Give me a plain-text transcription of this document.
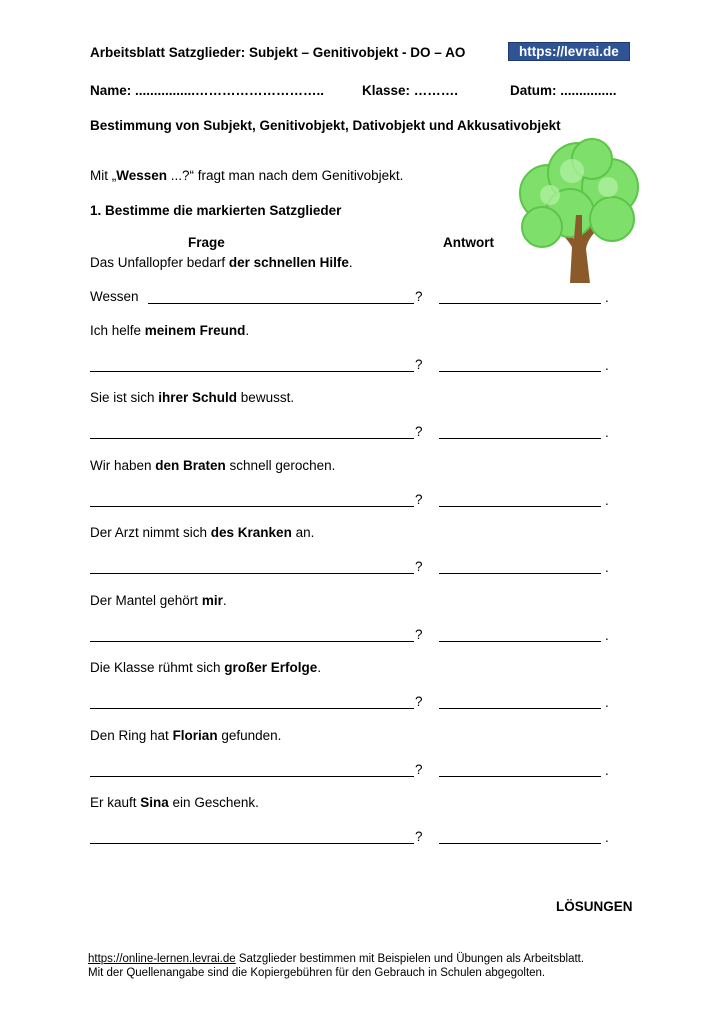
Arbeitsblatt Satzglieder: Subjekt – Genitivobjekt - DO – AO	https://levrai.de
Name: ................………………………..	Klasse: ……….	Datum: ...............
Bestimmung von Subjekt, Genitivobjekt, Dativobjekt und Akkusativobjekt
Mit „Wessen ...?“ fragt man nach dem Genitivobjekt.
1. Bestimme die markierten Satzglieder
Frage	Antwort
Das Unfallopfer bedarf der schnellen Hilfe.
Wessen	?	.
Ich helfe meinem Freund.
?	.
Sie ist sich ihrer Schuld bewusst.
?	.
Wir haben den Braten schnell gerochen.
?	.
Der Arzt nimmt sich des Kranken an.
?	.
Der Mantel gehört mir.
?	.
Die Klasse rühmt sich großer Erfolge.
?	.
Den Ring hat Florian gefunden.
?	.
Er kauft Sina ein Geschenk.
?	.
LÖSUNGEN
https://online-lernen.levrai.de Satzglieder bestimmen mit Beispielen und Übungen als Arbeitsblatt.
Mit der Quellenangabe sind die Kopiergebühren für den Gebrauch in Schulen abgegolten.
